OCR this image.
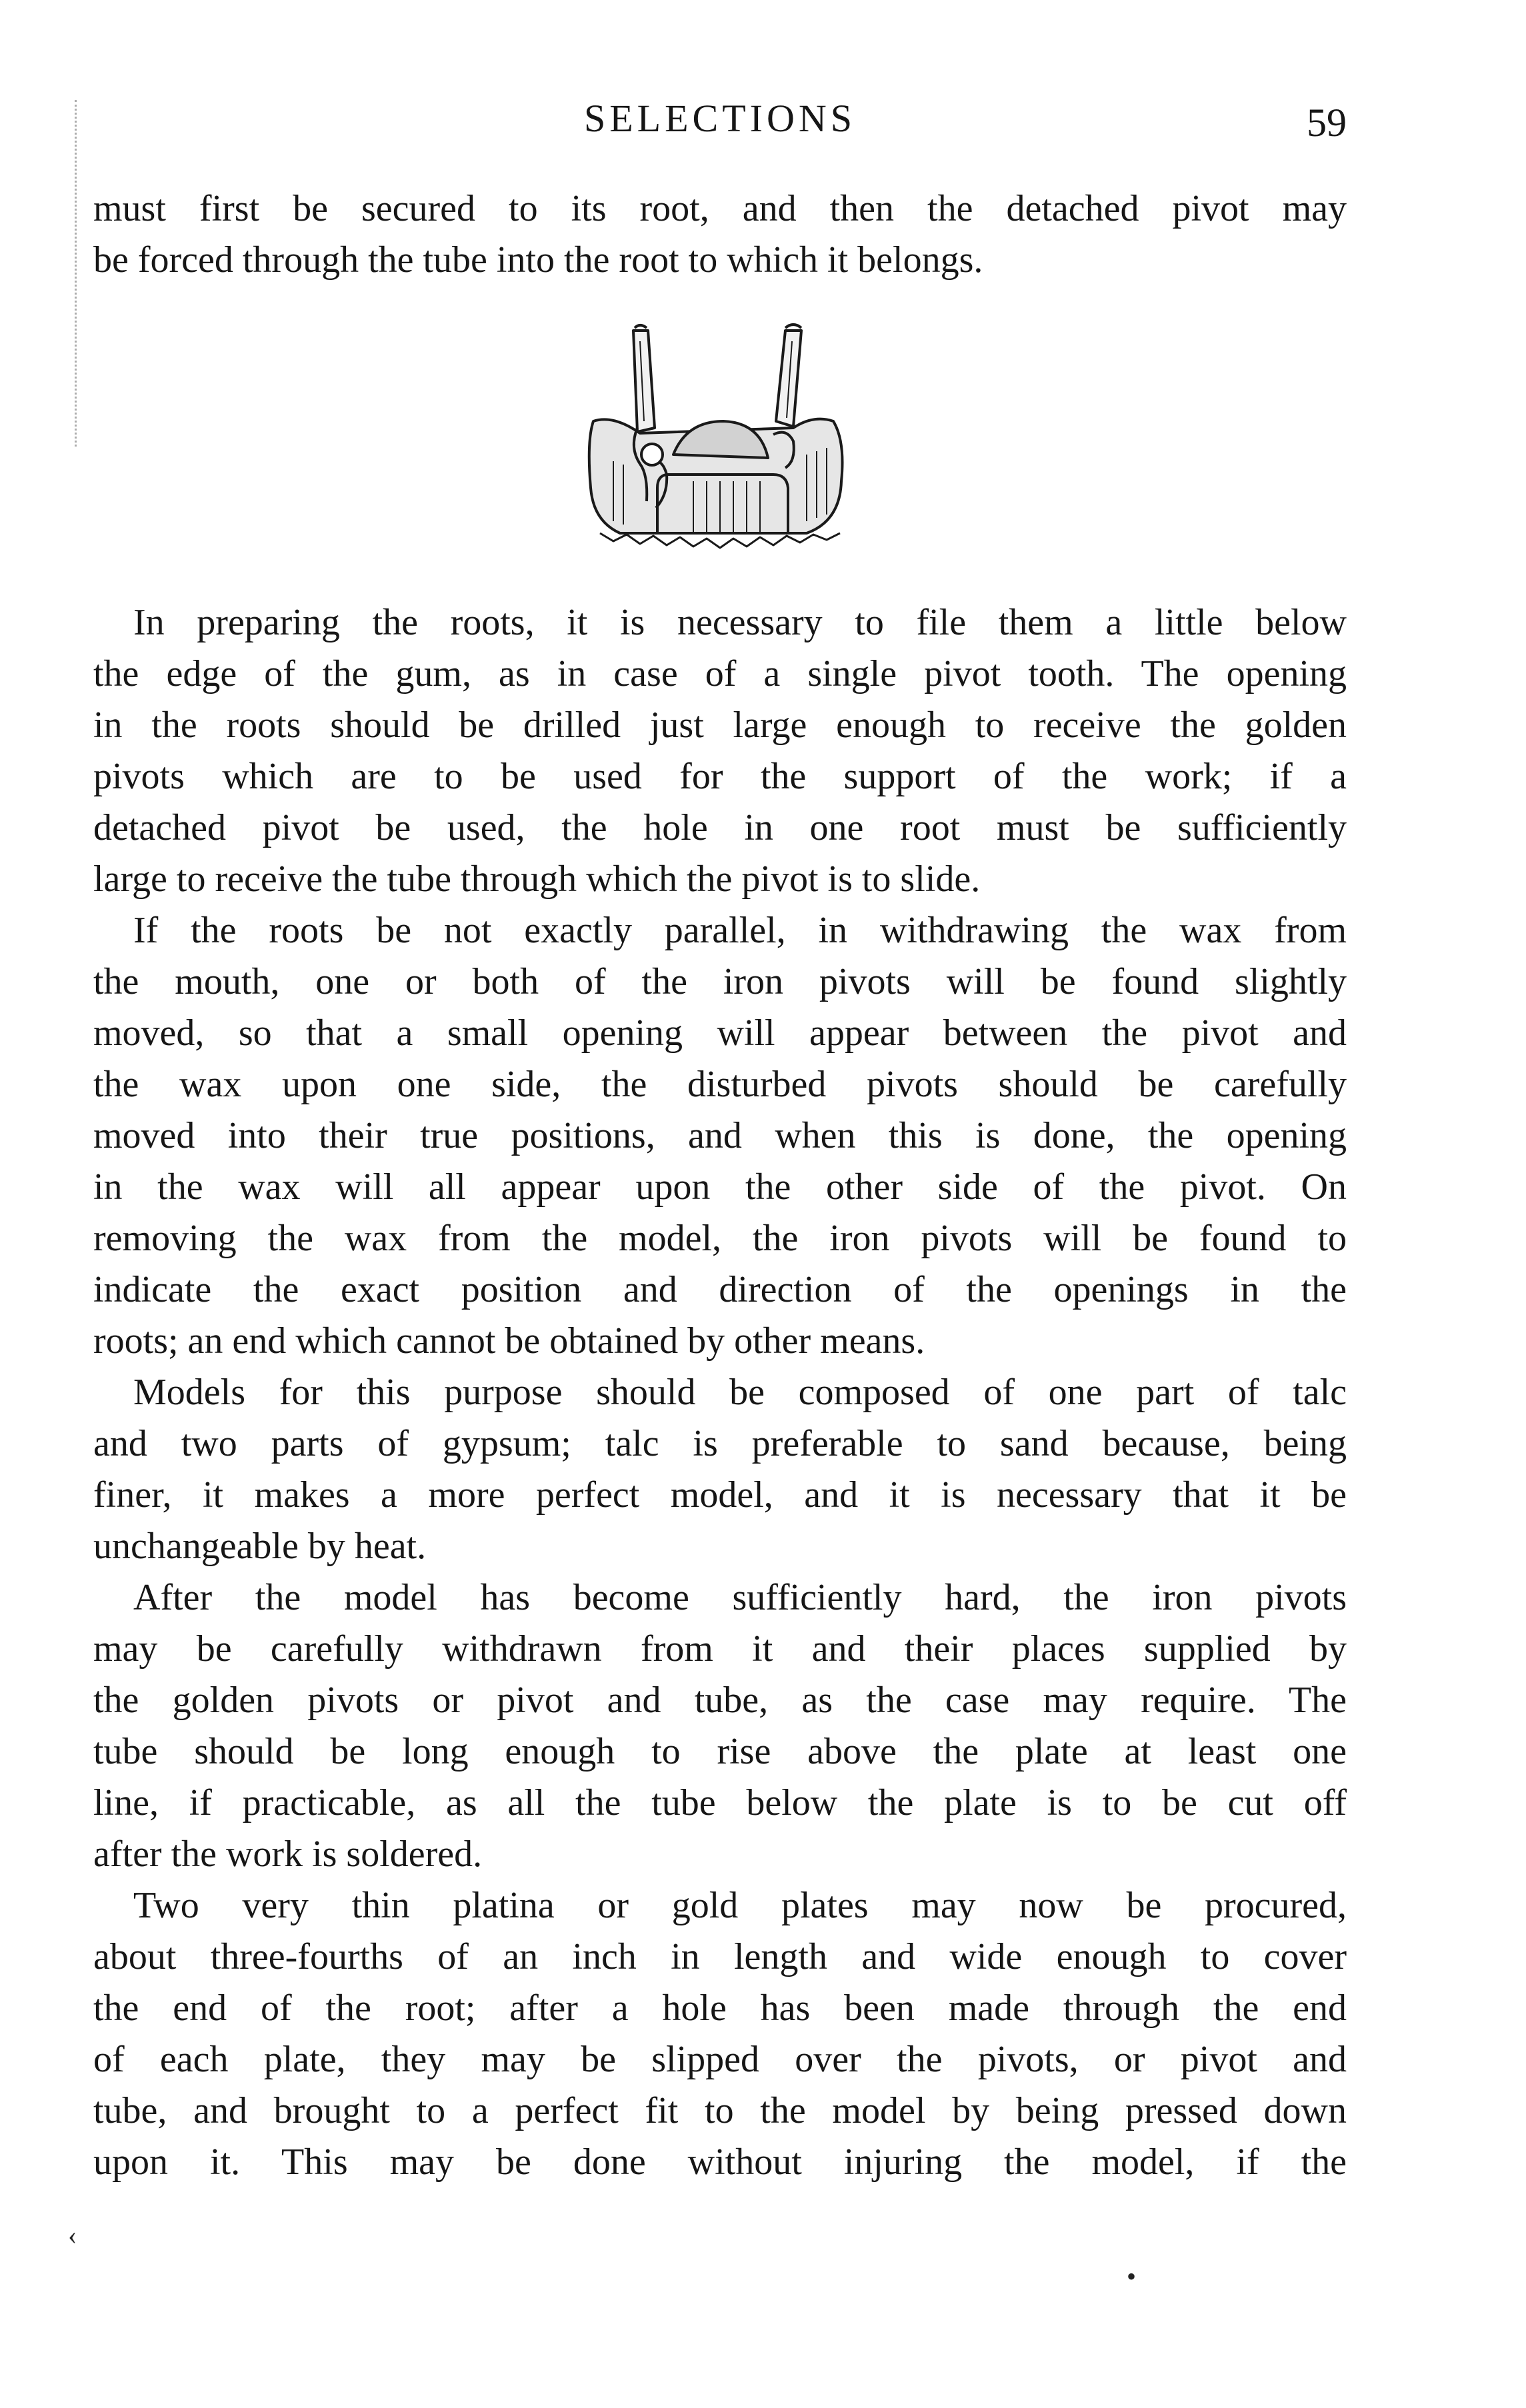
SELECTIONS	59
must first be secured to its root, and then the detached pivot may
be forced through the tube into the root to which it belongs.
In preparing the roots, it is necessary to file them a little below
the edge of the gum, as in case of a single pivot tooth. The opening
in the roots should be drilled just large enough to receive the golden
pivots which are to be used for the support of the work; if a
detached pivot be used, the hole in one root must be sufficiently
large to receive the tube through which the pivot is to slide.
If the roots be not exactly parallel, in withdrawing the wax from
the mouth, one or both of the iron pivots will be found slightly
moved, so that a small opening will appear between the pivot and
the wax upon one side, the disturbed pivots should be carefully
moved into their true positions, and when this is done, the opening
in the wax will all appear upon the other side of the pivot. On
removing the wax from the model, the iron pivots will be found to
indicate the exact position and direction of the openings in the
roots; an end which cannot be obtained by other means.
Models for this purpose should be composed of one part of talc
and two parts of gypsum; talc is preferable to sand because, being
finer, it makes a more perfect model, and it is necessary that it be
unchangeable by heat.
After the model has become sufficiently hard, the iron pivots
may be carefully withdrawn from it and their places supplied by
the golden pivots or pivot and tube, as the case may require. The
tube should be long enough to rise above the plate at least one
line, if practicable, as all the tube below the plate is to be cut off
after the work is soldered.
Two very thin platina or gold plates may now be procured,
about three-fourths of an inch in length and wide enough to cover
the end of the root; after a hole has been made through the end
of each plate, they may be slipped over the pivots, or pivot and
tube, and brought to a perfect fit to the model by being pressed down
upon it. This may be done without injuring the model, if the
‹
•
